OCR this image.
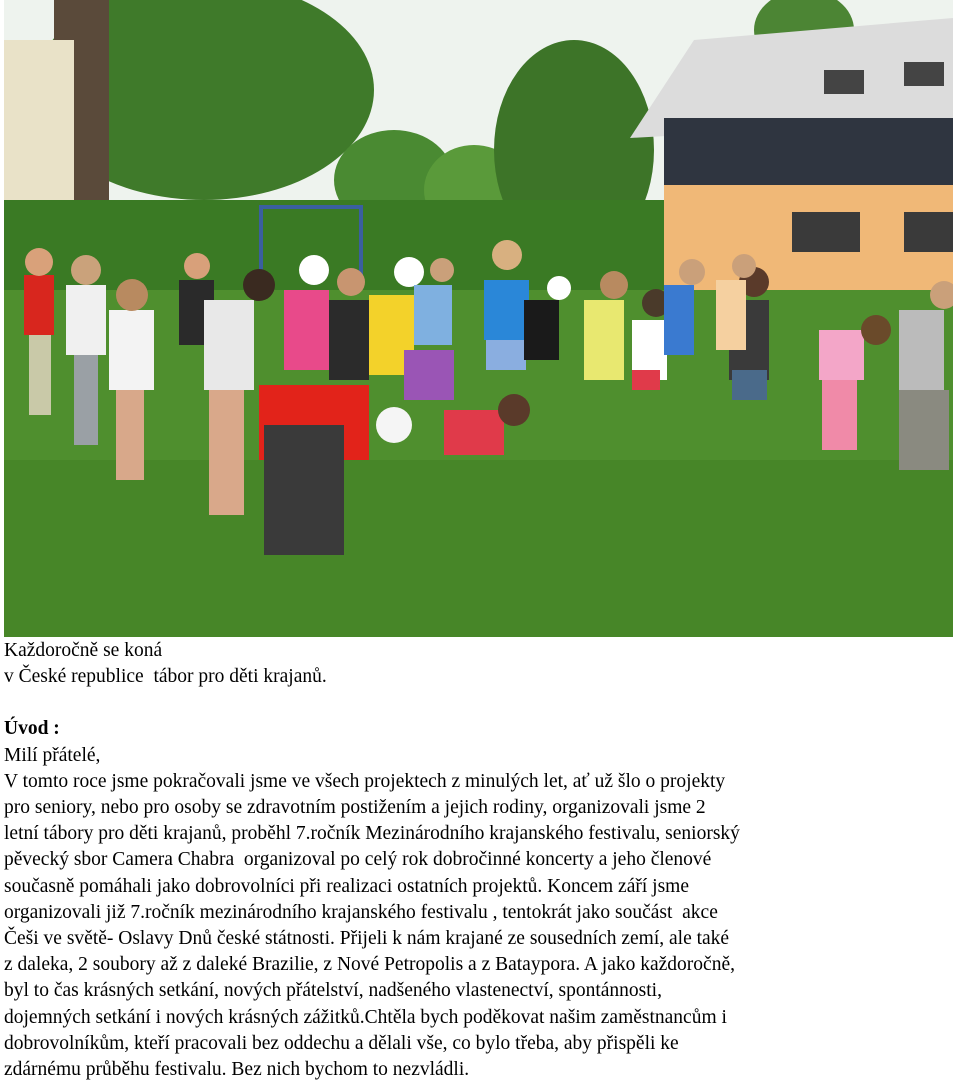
Každoročně se koná
v České republice  tábor pro děti krajanů.
Úvod :
Milí přátelé,
V tomto roce jsme pokračovali jsme ve všech projektech z minulých let, ať už šlo o projekty
pro seniory, nebo pro osoby se zdravotním postižením a jejich rodiny, organizovali jsme 2
letní tábory pro děti krajanů, proběhl 7.ročník Mezinárodního krajanského festivalu, seniorský
pěvecký sbor Camera Chabra  organizoval po celý rok dobročinné koncerty a jeho členové
současně pomáhali jako dobrovolníci při realizaci ostatních projektů. Koncem září jsme
organizovali již 7.ročník mezinárodního krajanského festivalu , tentokrát jako součást  akce
Češi ve světě- Oslavy Dnů české státnosti. Přijeli k nám krajané ze sousedních zemí, ale také
z daleka, 2 soubory až z daleké Brazilie, z Nové Petropolis a z Bataypora. A jako každoročně,
byl to čas krásných setkání, nových přátelství, nadšeného vlastenectví, spontánnosti,
dojemných setkání i nových krásných zážitků.Chtěla bych poděkovat našim zaměstnancům i
dobrovolníkům, kteří pracovali bez oddechu a dělali vše, co bylo třeba, aby přispěli ke
zdárnému průběhu festivalu. Bez nich bychom to nezvládli.
